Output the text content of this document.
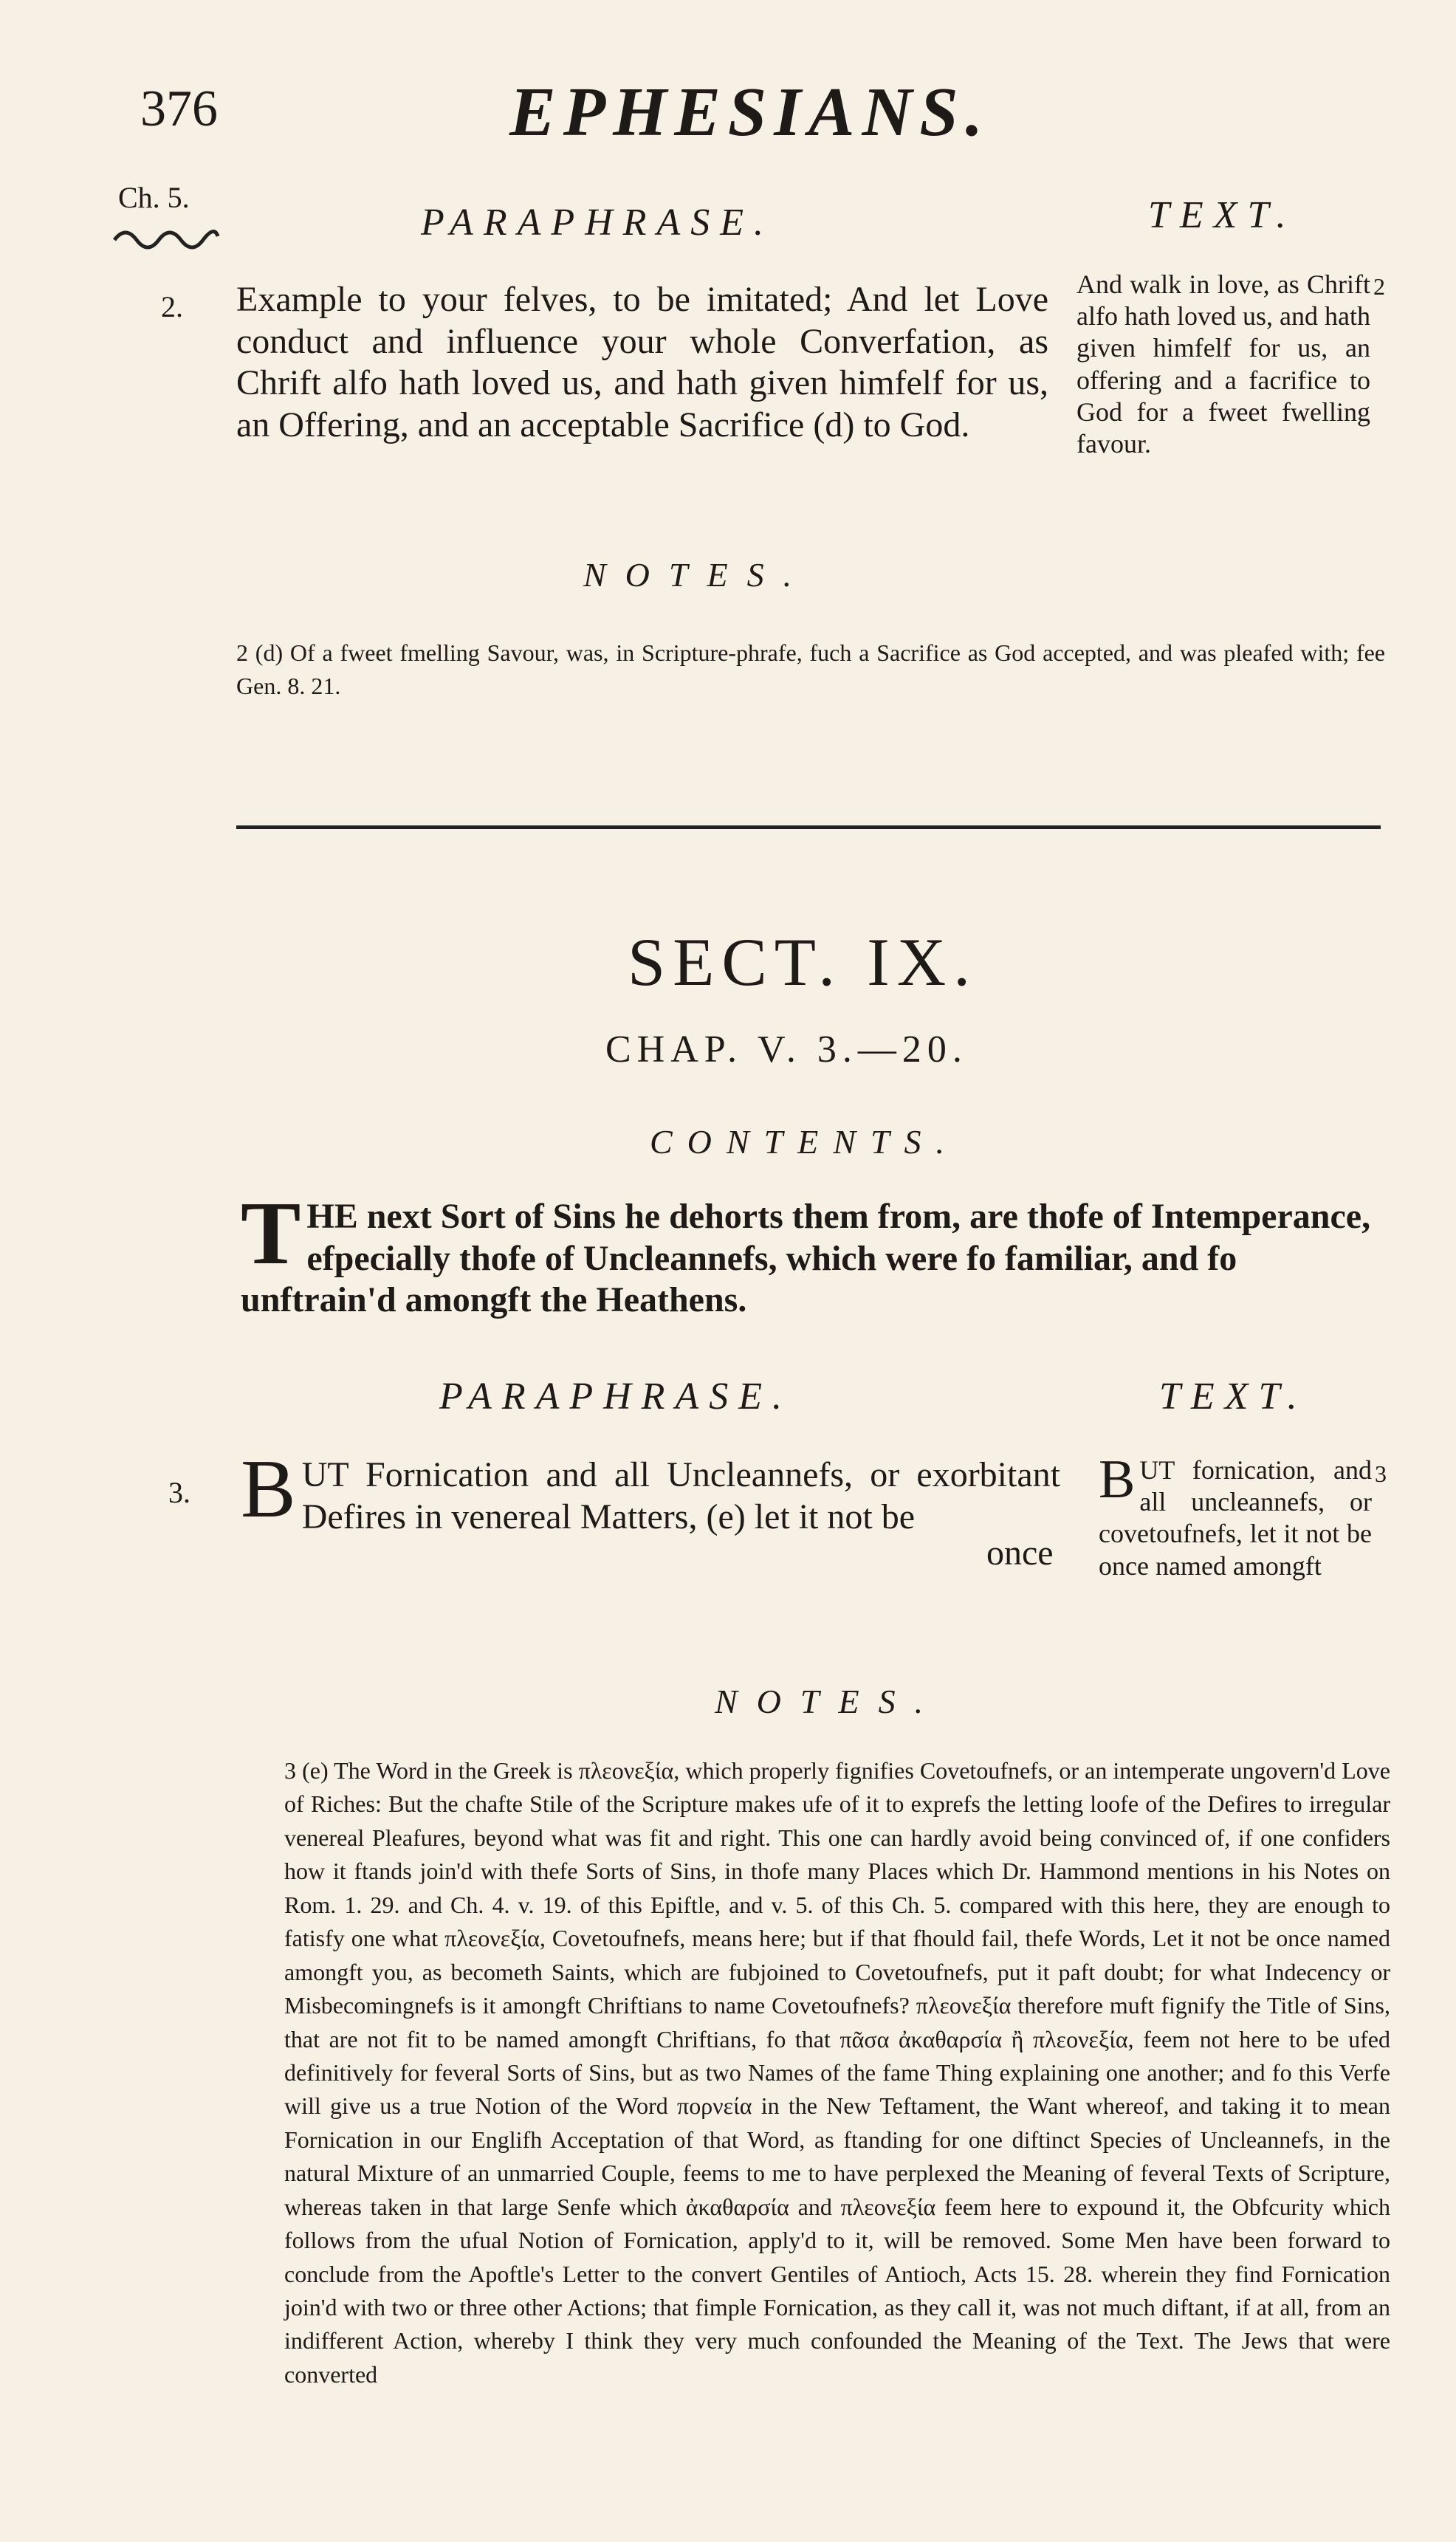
376	EPHESIANS.
Ch. 5.
PARAPHRASE.	TEXT.
2. Example to your felves, to be imitated; And let Love conduct and influence your whole Converfation, as Chrift alfo hath loved us, and hath given himfelf for us, an Offering, and an acceptable Sacrifice (d) to God.
And walk in love, as Chrift alfo hath loved us, and hath given himfelf for us, an offering and a facrifice to God for a fweet fwelling favour.
2
NOTES.
2 (d) Of a fweet fmelling Savour, was, in Scripture-phrafe, fuch a Sacrifice as God accepted, and was pleafed with; fee Gen. 8. 21.
SECT. IX.
CHAP. V. 3.—20.
CONTENTS.
THE next Sort of Sins he dehorts them from, are thofe of Intemperance, efpecially thofe of Uncleannefs, which were fo familiar, and fo unftrain'd amongft the Heathens.
PARAPHRASE.	TEXT.
3. BUT Fornication and all Uncleannefs, or exorbitant Defires in venereal Matters, (e) let it not be
once
BUT fornication, and all uncleannefs, or covetoufnefs, let it not be once named amongft
3
NOTES.
3 (e) The Word in the Greek is πλεονεξία, which properly fignifies Covetoufnefs, or an intemperate ungovern'd Love of Riches: But the chafte Stile of the Scripture makes ufe of it to exprefs the letting loofe of the Defires to irregular venereal Pleafures, beyond what was fit and right. This one can hardly avoid being convinced of, if one confiders how it ftands join'd with thefe Sorts of Sins, in thofe many Places which Dr. Hammond mentions in his Notes on Rom. 1. 29. and Ch. 4. v. 19. of this Epiftle, and v. 5. of this Ch. 5. compared with this here, they are enough to fatisfy one what πλεονεξία, Covetoufnefs, means here; but if that fhould fail, thefe Words, Let it not be once named amongft you, as becometh Saints, which are fubjoined to Covetoufnefs, put it paft doubt; for what Indecency or Misbecomingnefs is it amongft Chriftians to name Covetoufnefs? πλεονεξία therefore muft fignify the Title of Sins, that are not fit to be named amongft Chriftians, fo that πᾶσα ἀκαθαρσία ἢ πλεονεξία, feem not here to be ufed definitively for feveral Sorts of Sins, but as two Names of the fame Thing explaining one another; and fo this Verfe will give us a true Notion of the Word πορνεία in the New Teftament, the Want whereof, and taking it to mean Fornication in our Englifh Acceptation of that Word, as ftanding for one diftinct Species of Uncleannefs, in the natural Mixture of an unmarried Couple, feems to me to have perplexed the Meaning of feveral Texts of Scripture, whereas taken in that large Senfe which ἀκαθαρσία and πλεονεξία feem here to expound it, the Obfcurity which follows from the ufual Notion of Fornication, apply'd to it, will be removed. Some Men have been forward to conclude from the Apoftle's Letter to the convert Gentiles of Antioch, Acts 15. 28. wherein they find Fornication join'd with two or three other Actions; that fimple Fornication, as they call it, was not much diftant, if at all, from an indifferent Action, whereby I think they very much confounded the Meaning of the Text. The Jews that were converted
